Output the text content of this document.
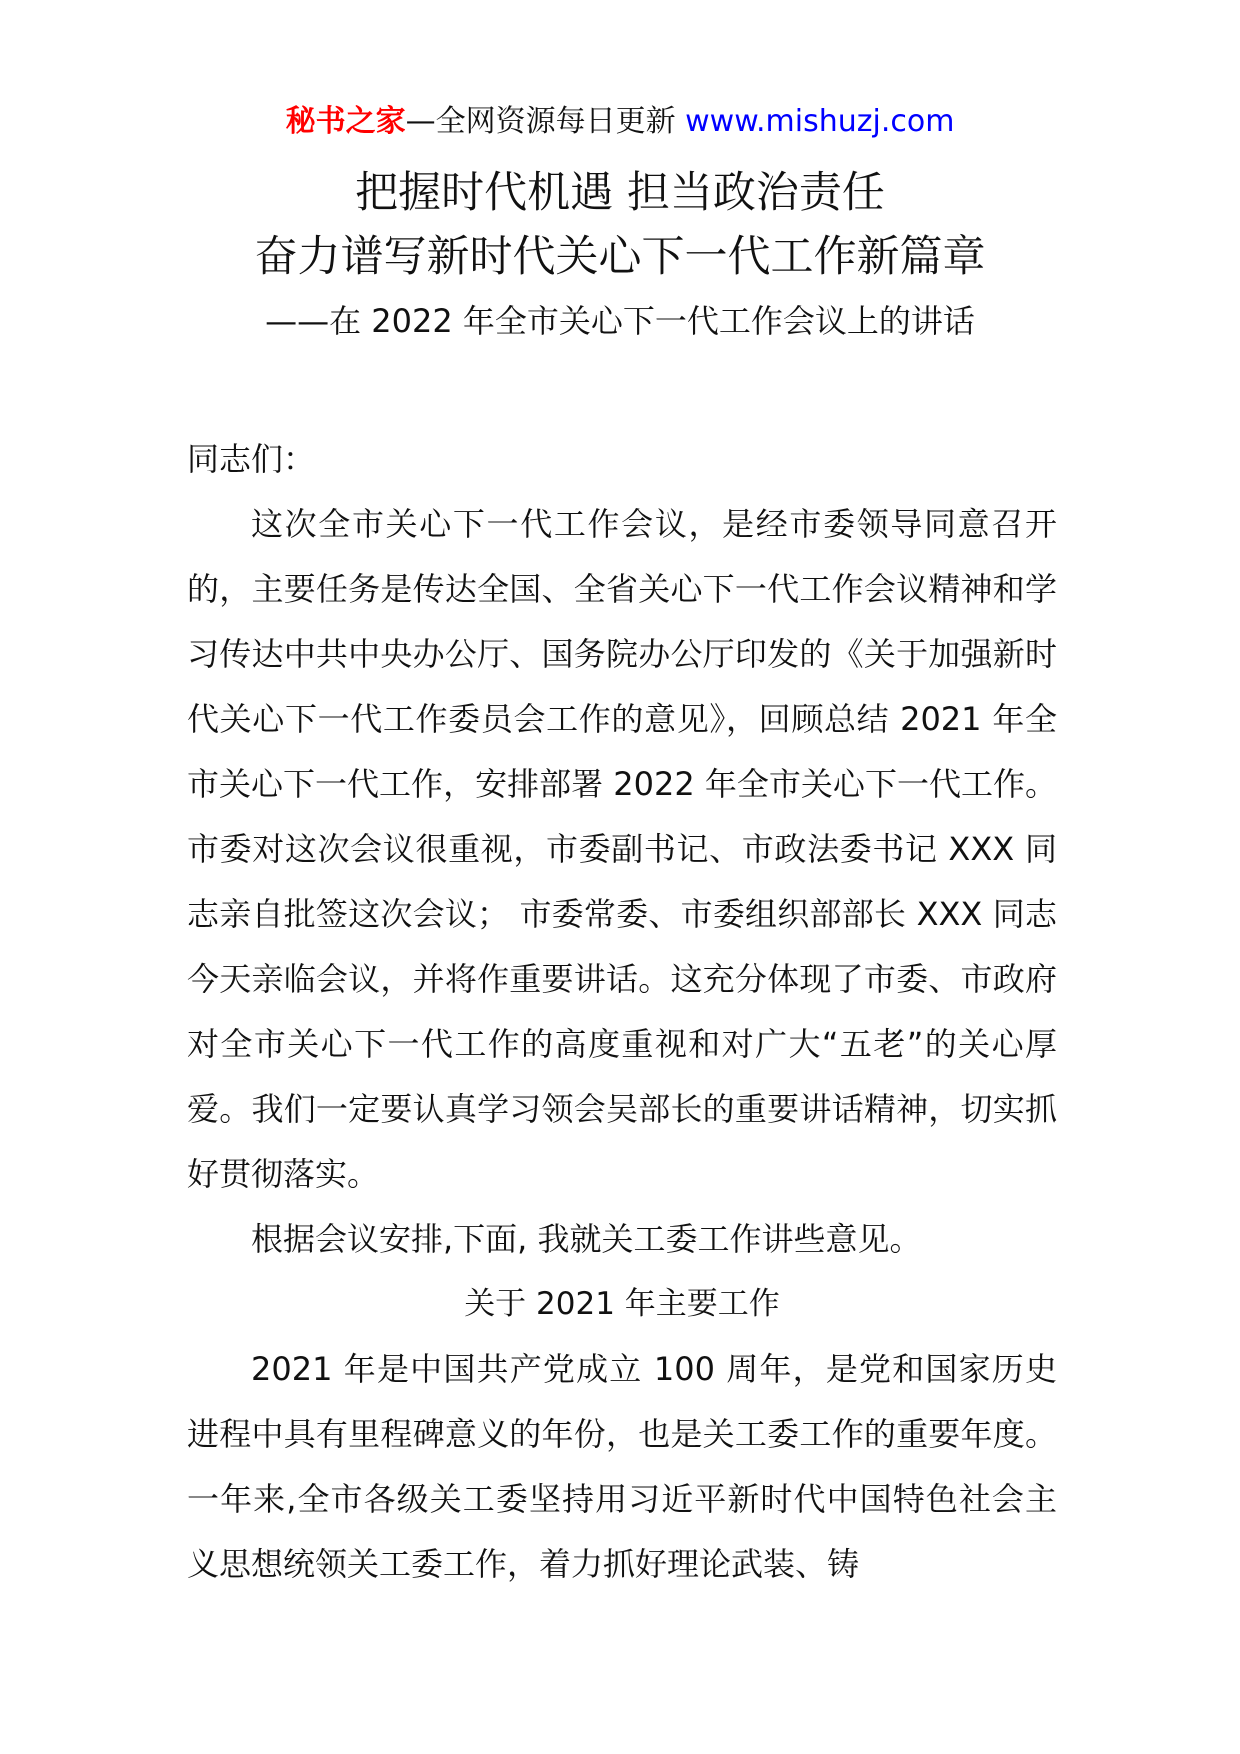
秘书之家—全网资源每日更新 www.mishuzj.com
把握时代机遇 担当政治责任
奋力谱写新时代关心下一代工作新篇章
——在 2022 年全市关心下一代工作会议上的讲话

同志们：

这次全市关心下一代工作会议，是经市委领导同意召开的，主要任务是传达全国、全省关心下一代工作会议精神和学习传达中共中央办公厅、国务院办公厅印发的《关于加强新时代关心下一代工作委员会工作的意见》，回顾总结 2021 年全市关心下一代工作，安排部署 2022 年全市关心下一代工作。市委对这次会议很重视，市委副书记、市政法委书记 XXX 同志亲自批签这次会议； 市委常委、市委组织部部长 XXX 同志今天亲临会议，并将作重要讲话。这充分体现了市委、市政府对全市关心下一代工作的高度重视和对广大“五老”的关心厚爱。我们一定要认真学习领会吴部长的重要讲话精神，切实抓好贯彻落实。

根据会议安排,下面, 我就关工委工作讲些意见。

关于 2021 年主要工作

2021 年是中国共产党成立 100 周年，是党和国家历史进程中具有里程碑意义的年份，也是关工委工作的重要年度。一年来,全市各级关工委坚持用习近平新时代中国特色社会主义思想统领关工委工作，着力抓好理论武装、铸
